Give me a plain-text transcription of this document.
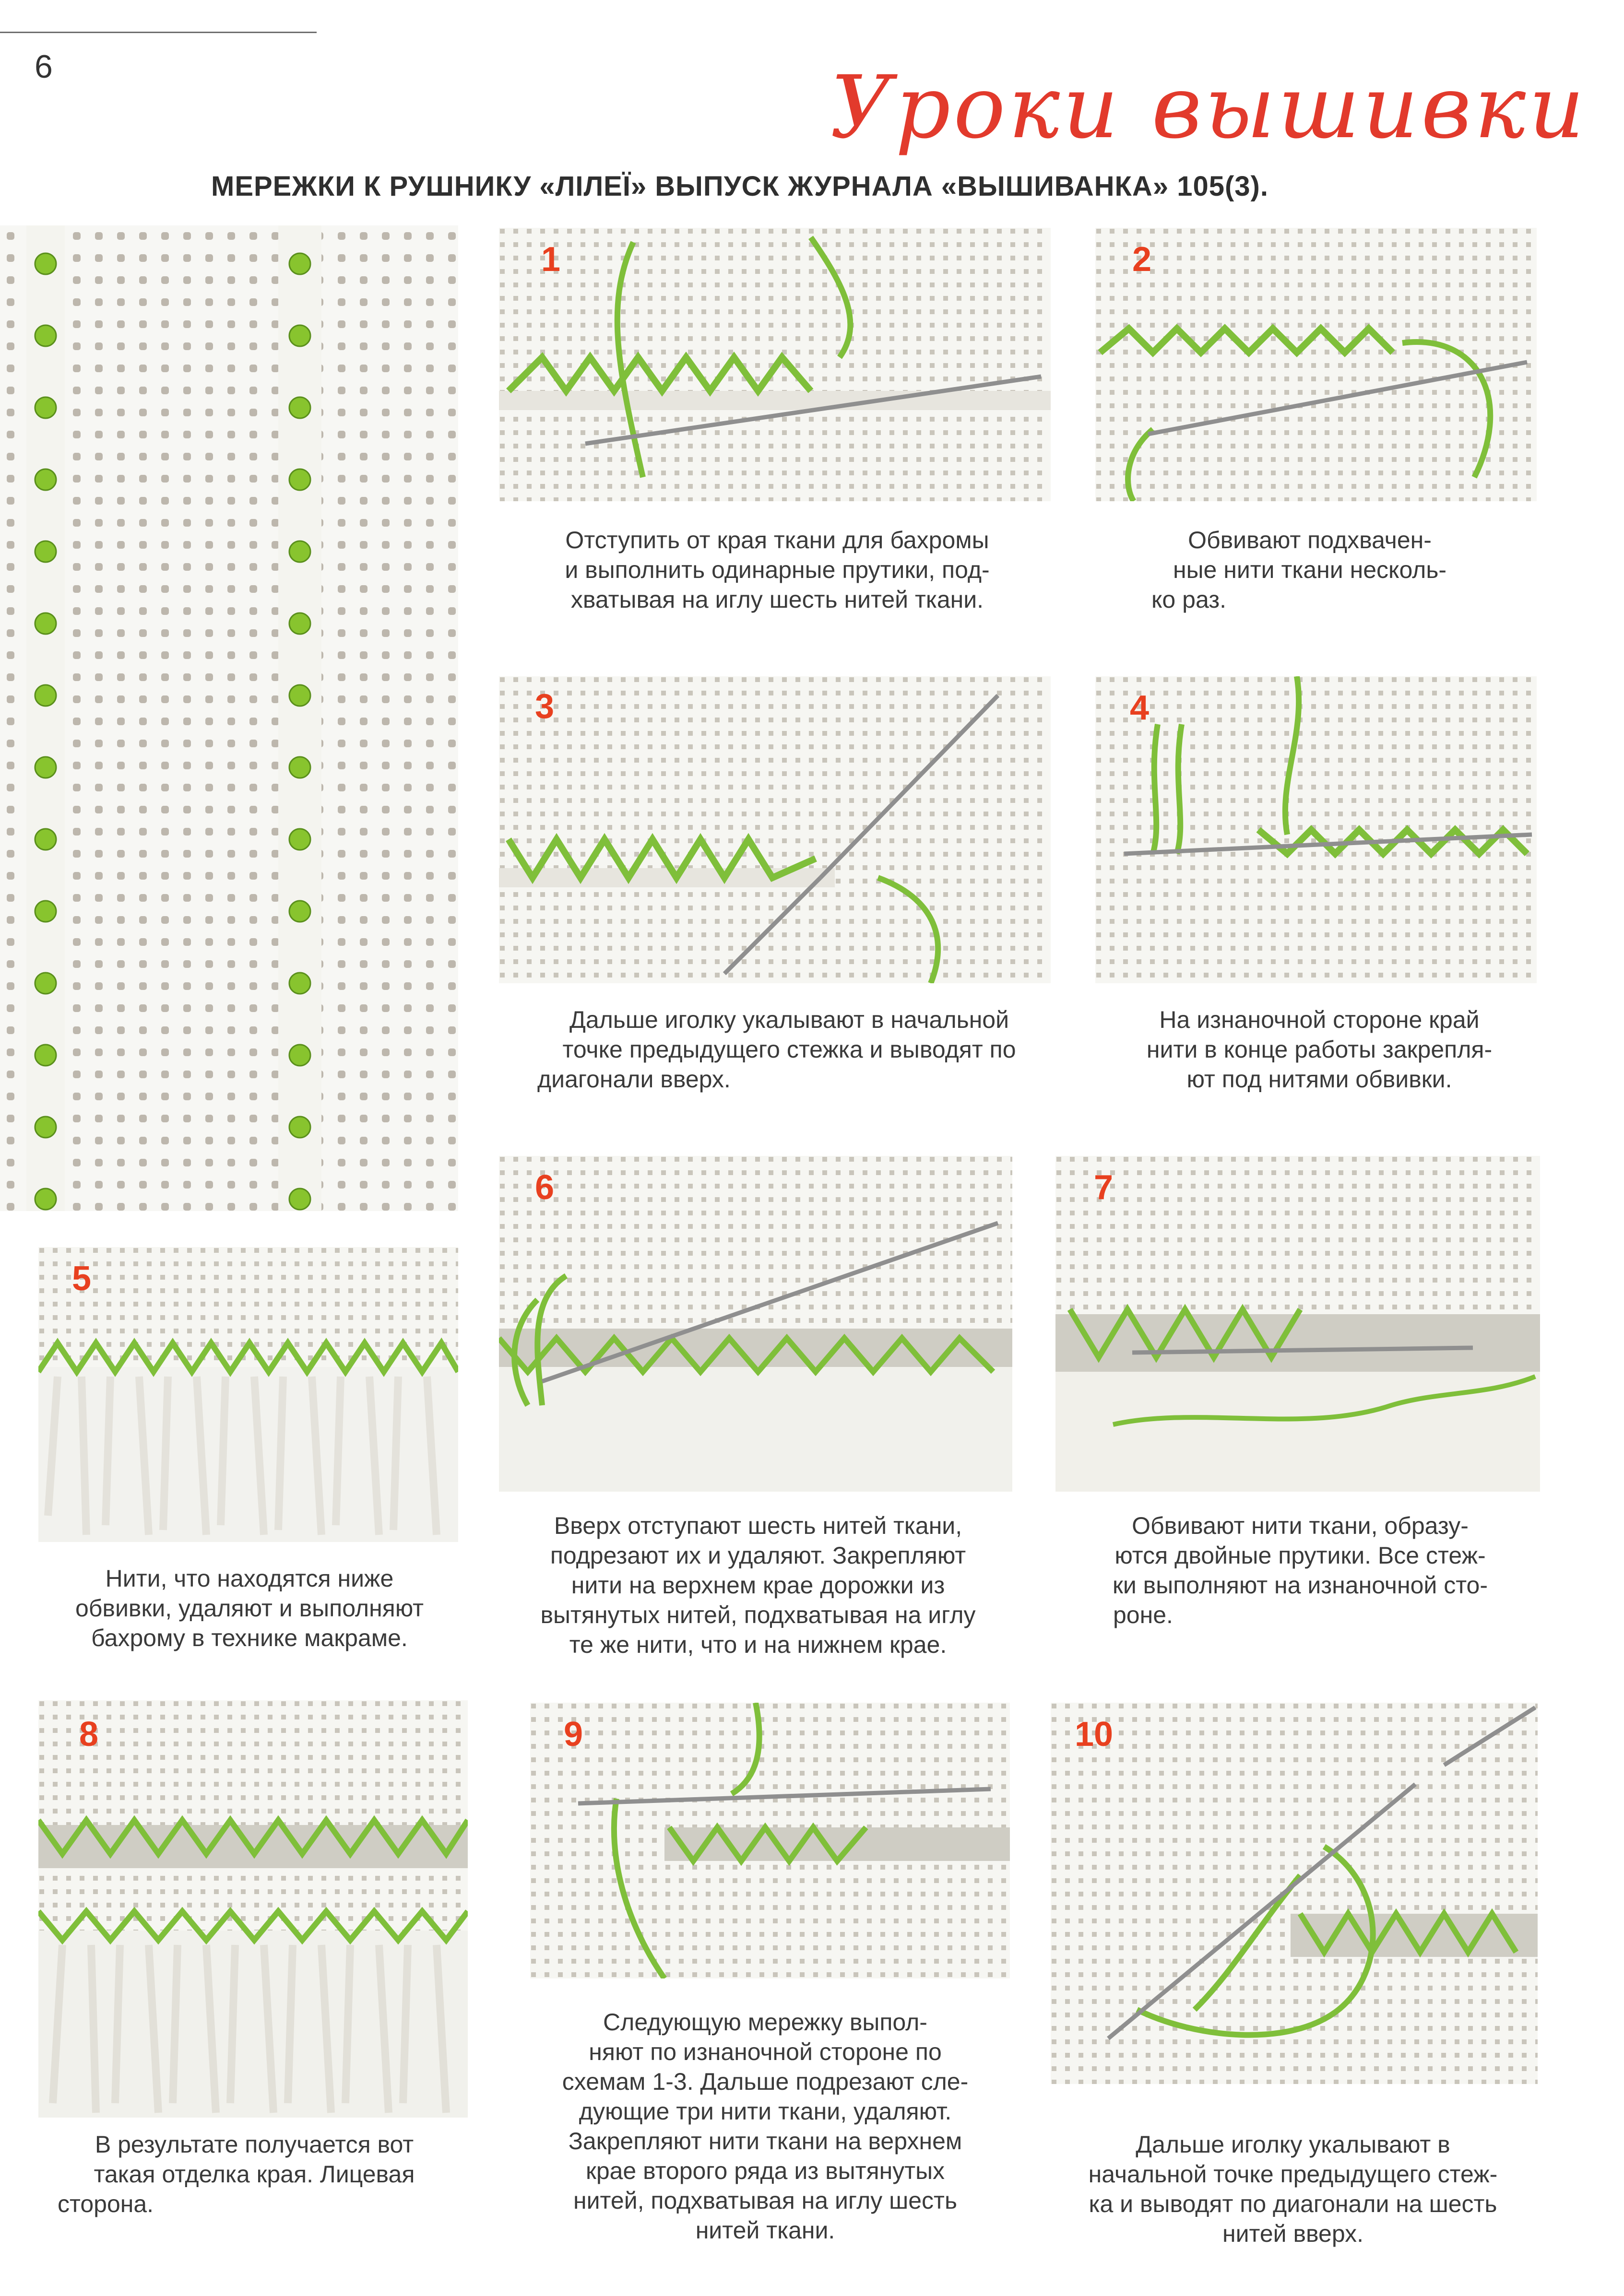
6	Уроки вышивки
МЕРЕЖКИ К РУШНИКУ «ЛІЛЕЇ» ВЫПУСК ЖУРНАЛА «ВЫШИВАНКА» 105(3).
1	2
3	4
5
6	7
8	9	10
Отступить от края ткани для бахромы
и выполнить одинарные прутики, под-
хватывая на иглу шесть нитей ткани.
Обвивают подхвачен-
ные нити ткани несколь-
ко раз.
Дальше иголку укалывают в начальной
точке предыдущего стежка и выводят по
диагонали вверх.
На изнаночной стороне край
нити в конце работы закрепля-
ют под нитями обвивки.
Нити, что находятся ниже
обвивки, удаляют и выполняют
бахрому в технике макраме.
Вверх отступают шесть нитей ткани,
подрезают их и удаляют. Закрепляют
нити на верхнем крае дорожки из
вытянутых нитей, подхватывая на иглу
те же нити, что и на нижнем крае.
Обвивают нити ткани, образу-
ются двойные прутики. Все стеж-
ки выполняют на изнаночной сто-
роне.
В результате получается вот
такая отделка края. Лицевая
сторона.
Следующую мережку выпол-
няют по изнаночной стороне по
схемам 1-3. Дальше подрезают сле-
дующие три нити ткани, удаляют.
Закрепляют нити ткани на верхнем
крае второго ряда из вытянутых
нитей, подхватывая на иглу шесть
нитей ткани.
Дальше иголку укалывают в
начальной точке предыдущего стеж-
ка и выводят по диагонали на шесть
нитей вверх.
